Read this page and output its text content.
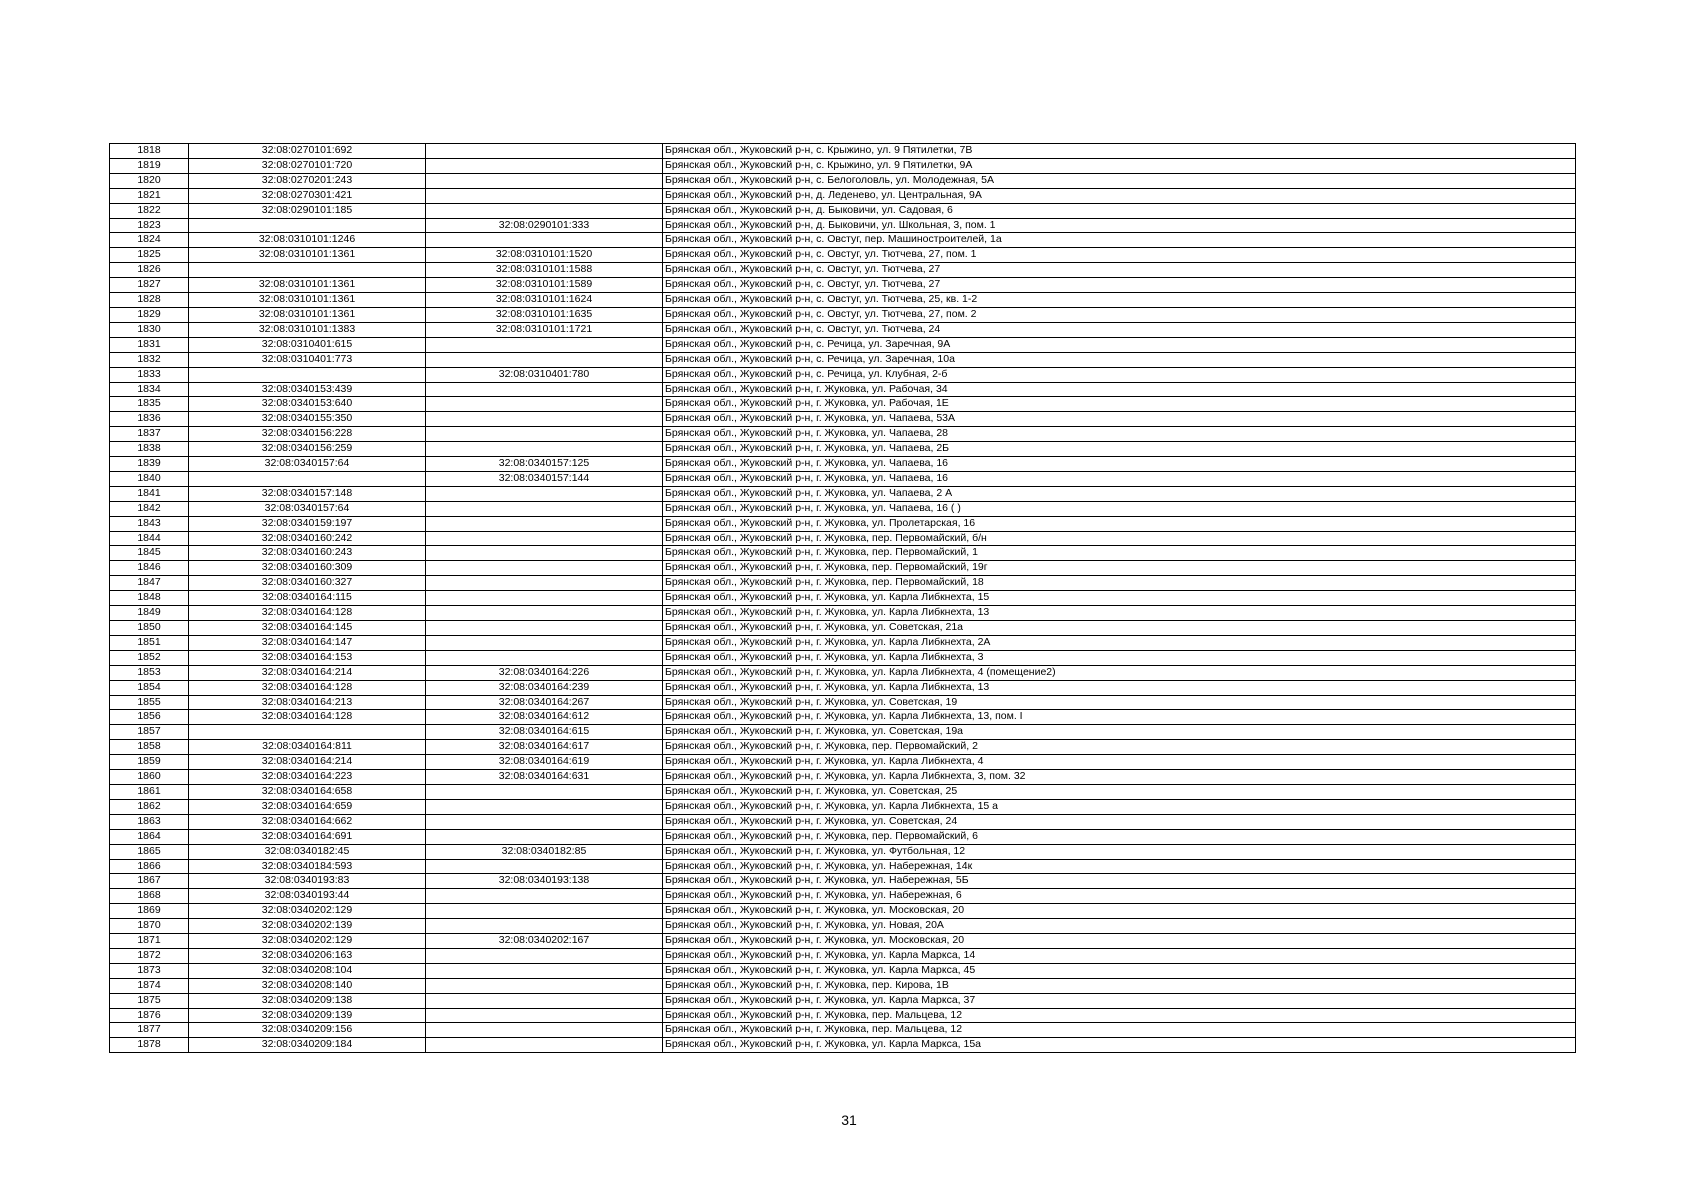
1818	32:08:0270101:692		Брянская обл., Жуковский р-н, с. Крыжино, ул. 9 Пятилетки, 7В
1819	32:08:0270101:720		Брянская обл., Жуковский р-н, с. Крыжино, ул. 9 Пятилетки, 9А
1820	32:08:0270201:243		Брянская обл., Жуковский р-н, с. Белоголовль, ул. Молодежная, 5А
1821	32:08:0270301:421		Брянская обл., Жуковский р-н, д. Леденево, ул. Центральная, 9А
1822	32:08:0290101:185		Брянская обл., Жуковский р-н, д. Быковичи, ул. Садовая, 6
1823		32:08:0290101:333	Брянская обл., Жуковский р-н, д. Быковичи, ул. Школьная, 3, пом. 1
1824	32:08:0310101:1246		Брянская обл., Жуковский р-н, с. Овстуг, пер. Машиностроителей, 1а
1825	32:08:0310101:1361	32:08:0310101:1520	Брянская обл., Жуковский р-н, с. Овстуг, ул. Тютчева, 27, пом. 1
1826		32:08:0310101:1588	Брянская обл., Жуковский р-н, с. Овстуг, ул. Тютчева, 27
1827	32:08:0310101:1361	32:08:0310101:1589	Брянская обл., Жуковский р-н, с. Овстуг, ул. Тютчева, 27
1828	32:08:0310101:1361	32:08:0310101:1624	Брянская обл., Жуковский р-н, с. Овстуг, ул. Тютчева, 25, кв. 1-2
1829	32:08:0310101:1361	32:08:0310101:1635	Брянская обл., Жуковский р-н, с. Овстуг, ул. Тютчева, 27, пом. 2
1830	32:08:0310101:1383	32:08:0310101:1721	Брянская обл., Жуковский р-н, с. Овстуг, ул. Тютчева, 24
1831	32:08:0310401:615		Брянская обл., Жуковский р-н, с. Речица, ул. Заречная, 9А
1832	32:08:0310401:773		Брянская обл., Жуковский р-н, с. Речица, ул. Заречная, 10а
1833		32:08:0310401:780	Брянская обл., Жуковский р-н, с. Речица, ул. Клубная, 2-б
1834	32:08:0340153:439		Брянская обл., Жуковский р-н, г. Жуковка, ул. Рабочая, 34
1835	32:08:0340153:640		Брянская обл., Жуковский р-н, г. Жуковка, ул. Рабочая, 1Е
1836	32:08:0340155:350		Брянская обл., Жуковский р-н, г. Жуковка, ул. Чапаева, 53А
1837	32:08:0340156:228		Брянская обл., Жуковский р-н, г. Жуковка, ул. Чапаева, 28
1838	32:08:0340156:259		Брянская обл., Жуковский р-н, г. Жуковка, ул. Чапаева, 2Б
1839	32:08:0340157:64	32:08:0340157:125	Брянская обл., Жуковский р-н, г. Жуковка, ул. Чапаева, 16
1840		32:08:0340157:144	Брянская обл., Жуковский р-н, г. Жуковка, ул. Чапаева, 16
1841	32:08:0340157:148		Брянская обл., Жуковский р-н, г. Жуковка, ул. Чапаева, 2 А
1842	32:08:0340157:64		Брянская обл., Жуковский р-н, г. Жуковка, ул. Чапаева, 16 ( )
1843	32:08:0340159:197		Брянская обл., Жуковский р-н, г. Жуковка, ул. Пролетарская, 16
1844	32:08:0340160:242		Брянская обл., Жуковский р-н, г. Жуковка, пер. Первомайский, б/н
1845	32:08:0340160:243		Брянская обл., Жуковский р-н, г. Жуковка, пер. Первомайский, 1
1846	32:08:0340160:309		Брянская обл., Жуковский р-н, г. Жуковка, пер. Первомайский, 19г
1847	32:08:0340160:327		Брянская обл., Жуковский р-н, г. Жуковка, пер. Первомайский, 18
1848	32:08:0340164:115		Брянская обл., Жуковский р-н, г. Жуковка, ул. Карла Либкнехта, 15
1849	32:08:0340164:128		Брянская обл., Жуковский р-н, г. Жуковка, ул. Карла Либкнехта, 13
1850	32:08:0340164:145		Брянская обл., Жуковский р-н, г. Жуковка, ул. Советская, 21а
1851	32:08:0340164:147		Брянская обл., Жуковский р-н, г. Жуковка, ул. Карла Либкнехта, 2А
1852	32:08:0340164:153		Брянская обл., Жуковский р-н, г. Жуковка, ул. Карла Либкнехта, 3
1853	32:08:0340164:214	32:08:0340164:226	Брянская обл., Жуковский р-н, г. Жуковка, ул. Карла Либкнехта, 4 (помещение2)
1854	32:08:0340164:128	32:08:0340164:239	Брянская обл., Жуковский р-н, г. Жуковка, ул. Карла Либкнехта, 13
1855	32:08:0340164:213	32:08:0340164:267	Брянская обл., Жуковский р-н, г. Жуковка, ул. Советская, 19
1856	32:08:0340164:128	32:08:0340164:612	Брянская обл., Жуковский р-н, г. Жуковка, ул. Карла Либкнехта, 13, пом. I
1857		32:08:0340164:615	Брянская обл., Жуковский р-н, г. Жуковка, ул. Советская, 19а
1858	32:08:0340164:811	32:08:0340164:617	Брянская обл., Жуковский р-н, г. Жуковка, пер. Первомайский, 2
1859	32:08:0340164:214	32:08:0340164:619	Брянская обл., Жуковский р-н, г. Жуковка, ул. Карла Либкнехта, 4
1860	32:08:0340164:223	32:08:0340164:631	Брянская обл., Жуковский р-н, г. Жуковка, ул. Карла Либкнехта, 3, пом. 32
1861	32:08:0340164:658		Брянская обл., Жуковский р-н, г. Жуковка, ул. Советская, 25
1862	32:08:0340164:659		Брянская обл., Жуковский р-н, г. Жуковка, ул. Карла Либкнехта, 15 а
1863	32:08:0340164:662		Брянская обл., Жуковский р-н, г. Жуковка, ул. Советская, 24
1864	32:08:0340164:691		Брянская обл., Жуковский р-н, г. Жуковка, пер. Первомайский, 6
1865	32:08:0340182:45	32:08:0340182:85	Брянская обл., Жуковский р-н, г. Жуковка, ул. Футбольная, 12
1866	32:08:0340184:593		Брянская обл., Жуковский р-н, г. Жуковка, ул. Набережная, 14к
1867	32:08:0340193:83	32:08:0340193:138	Брянская обл., Жуковский р-н, г. Жуковка, ул. Набережная, 5Б
1868	32:08:0340193:44		Брянская обл., Жуковский р-н, г. Жуковка, ул. Набережная, 6
1869	32:08:0340202:129		Брянская обл., Жуковский р-н, г. Жуковка, ул. Московская, 20
1870	32:08:0340202:139		Брянская обл., Жуковский р-н, г. Жуковка, ул. Новая, 20А
1871	32:08:0340202:129	32:08:0340202:167	Брянская обл., Жуковский р-н, г. Жуковка, ул. Московская, 20
1872	32:08:0340206:163		Брянская обл., Жуковский р-н, г. Жуковка, ул. Карла Маркса, 14
1873	32:08:0340208:104		Брянская обл., Жуковский р-н, г. Жуковка, ул. Карла Маркса, 45
1874	32:08:0340208:140		Брянская обл., Жуковский р-н, г. Жуковка, пер. Кирова, 1В
1875	32:08:0340209:138		Брянская обл., Жуковский р-н, г. Жуковка, ул. Карла Маркса, 37
1876	32:08:0340209:139		Брянская обл., Жуковский р-н, г. Жуковка, пер. Мальцева, 12
1877	32:08:0340209:156		Брянская обл., Жуковский р-н, г. Жуковка, пер. Мальцева, 12
1878	32:08:0340209:184		Брянская обл., Жуковский р-н, г. Жуковка, ул. Карла Маркса, 15а
31
